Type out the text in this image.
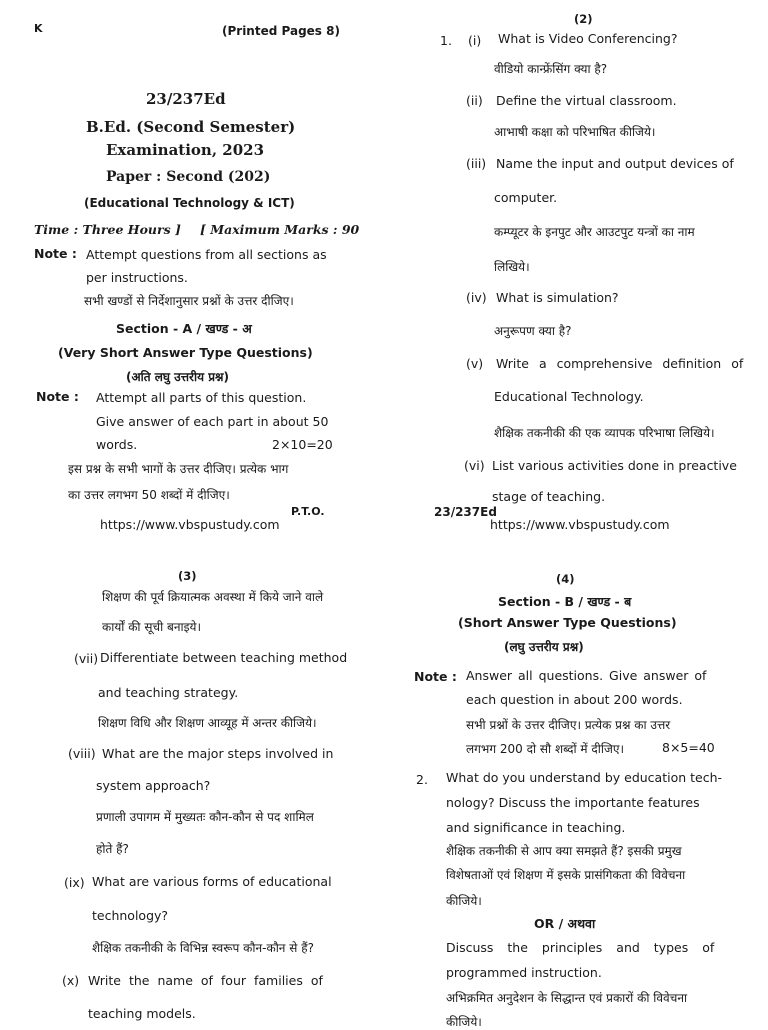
K	(Printed Pages 8)
23/237Ed
B.Ed. (Second Semester)
Examination, 2023
Paper : Second (202)
(Educational Technology & ICT)
Time : Three Hours ] [ Maximum Marks : 90
Note : Attempt questions from all sections as
per instructions.
सभी खण्डों से निर्देशानुसार प्रश्नों के उत्तर दीजिए।
Section - A / खण्ड - अ
(Very Short Answer Type Questions)
(अति लघु उत्तरीय प्रश्न)
Note : Attempt all parts of this question.
Give answer of each part in about 50
words.	2×10=20
इस प्रश्न के सभी भागों के उत्तर दीजिए। प्रत्येक भाग
का उत्तर लगभग 50 शब्दों में दीजिए।
P.T.O.
https://www.vbspustudy.com
(2)
1. (i) What is Video Conferencing?
वीडियो कान्फ्रेंसिंग क्या है?
(ii) Define the virtual classroom.
आभाषी कक्षा को परिभाषित कीजिये।
(iii) Name the input and output devices of
computer.
कम्प्यूटर के इनपुट और आउटपुट यन्त्रों का नाम
लिखिये।
(iv) What is simulation?
अनुरूपण क्या है?
(v) Write a comprehensive definition of
Educational Technology.
शैक्षिक तकनीकी की एक व्यापक परिभाषा लिखिये।
(vi) List various activities done in preactive
stage of teaching.
23/237Ed
https://www.vbspustudy.com
(3)
शिक्षण की पूर्व क्रियात्मक अवस्था में किये जाने वाले
कार्यों की सूची बनाइये।
(vii) Differentiate between teaching method
and teaching strategy.
शिक्षण विधि और शिक्षण आव्यूह में अन्तर कीजिये।
(viii) What are the major steps involved in
system approach?
प्रणाली उपागम में मुख्यतः कौन-कौन से पद शामिल
होते हैं?
(ix) What are various forms of educational
technology?
शैक्षिक तकनीकी के विभिन्न स्वरूप कौन-कौन से हैं?
(x) Write the name of four families of
teaching models.
(4)
Section - B / खण्ड - ब
(Short Answer Type Questions)
(लघु उत्तरीय प्रश्न)
Note : Answer all questions. Give answer of
each question in about 200 words.
सभी प्रश्नों के उत्तर दीजिए। प्रत्येक प्रश्न का उत्तर
लगभग 200 दो सौ शब्दों में दीजिए।	8×5=40
2. What do you understand by education tech-
nology? Discuss the importante features
and significance in teaching.
शैक्षिक तकनीकी से आप क्या समझते हैं? इसकी प्रमुख
विशेषताओं एवं शिक्षण में इसके प्रासंगिकता की विवेचना
कीजिये।
OR / अथवा
Discuss the principles and types of
programmed instruction.
अभिक्रमित अनुदेशन के सिद्धान्त एवं प्रकारों की विवेचना
कीजिये।
